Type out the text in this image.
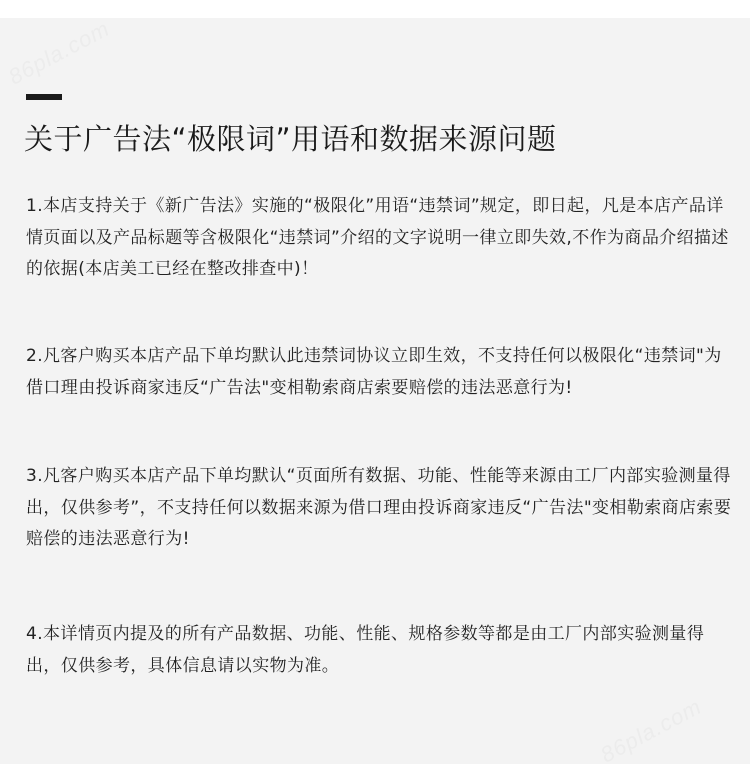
86pla.com
86pla.com
关于广告法“极限词”用语和数据来源问题

1.本店支持关于《新广告法》实施的“极限化”用语“违禁词”规定，即日起，凡是本店产品详情页面以及产品标题等含极限化“违禁词”介绍的文字说明一律立即失效,不作为商品介绍描述的依据(本店美工已经在整改排查中)！

2.凡客户购买本店产品下单均默认此违禁词协议立即生效，不支持任何以极限化“违禁词"为借口理由投诉商家违反“广告法"变相勒索商店索要赔偿的违法恶意行为!

3.凡客户购买本店产品下单均默认“页面所有数据、功能、性能等来源由工厂内部实验测量得出，仅供参考”，不支持任何以数据来源为借口理由投诉商家违反“广告法"变相勒索商店索要赔偿的违法恶意行为!

4.本详情页内提及的所有产品数据、功能、性能、规格参数等都是由工厂内部实验测量得出，仅供参考，具体信息请以实物为准。
